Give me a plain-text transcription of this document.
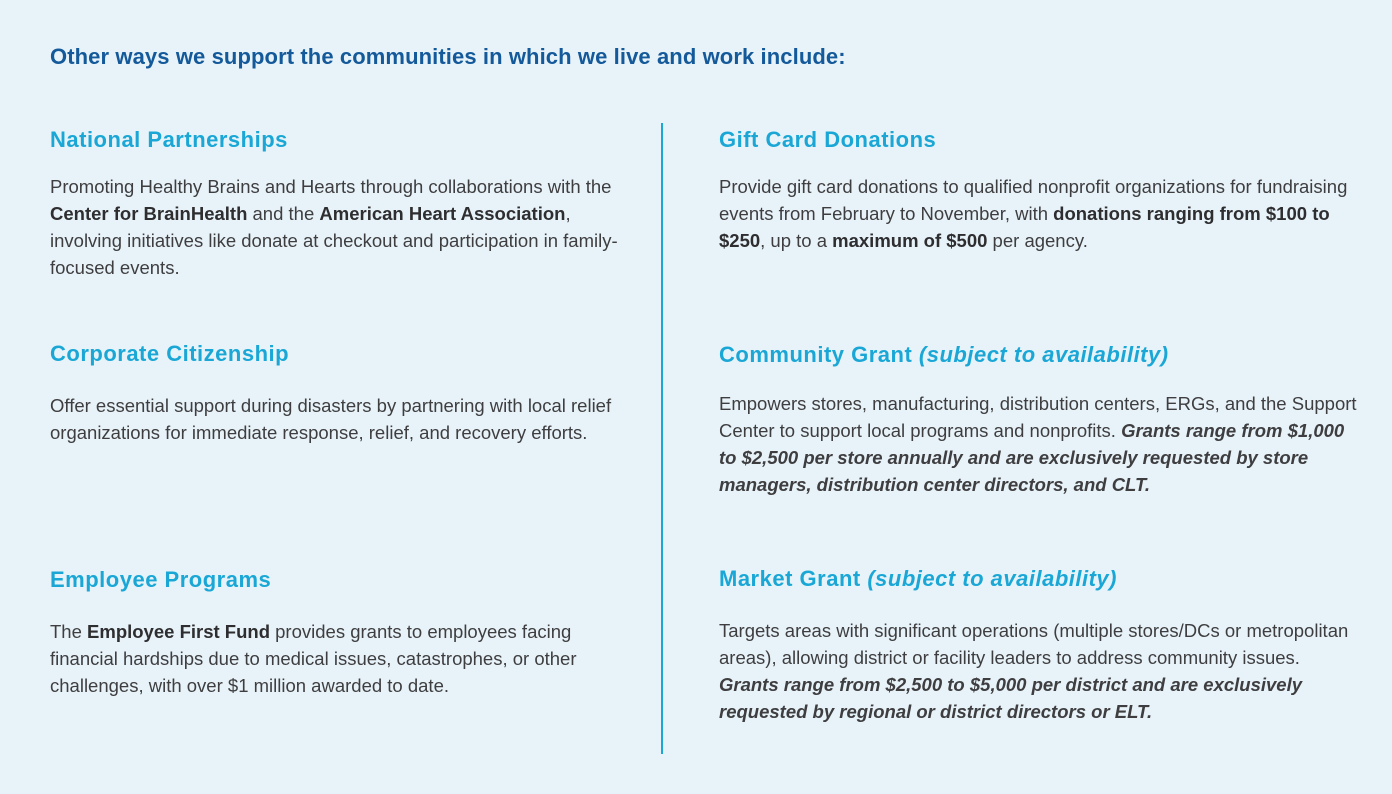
Other ways we support the communities in which we live and work include:
National Partnerships

Promoting Healthy Brains and Hearts through collaborations with the Center for BrainHealth and the American Heart Association, involving initiatives like donate at checkout and participation in family-focused events.

Corporate Citizenship

Offer essential support during disasters by partnering with local relief organizations for immediate response, relief, and recovery efforts.

Employee Programs

The Employee First Fund provides grants to employees facing financial hardships due to medical issues, catastrophes, or other challenges, with over $1 million awarded to date.

Gift Card Donations

Provide gift card donations to qualified nonprofit organizations for fundraising events from February to November, with donations ranging from $100 to $250, up to a maximum of $500 per agency.

Community Grant (subject to availability)

Empowers stores, manufacturing, distribution centers, ERGs, and the Support Center to support local programs and nonprofits. Grants range from $1,000 to $2,500 per store annually and are exclusively requested by store managers, distribution center directors, and CLT.

Market Grant (subject to availability)

Targets areas with significant operations (multiple stores/DCs or metropolitan areas), allowing district or facility leaders to address community issues. Grants range from $2,500 to $5,000 per district and are exclusively requested by regional or district directors or ELT.
